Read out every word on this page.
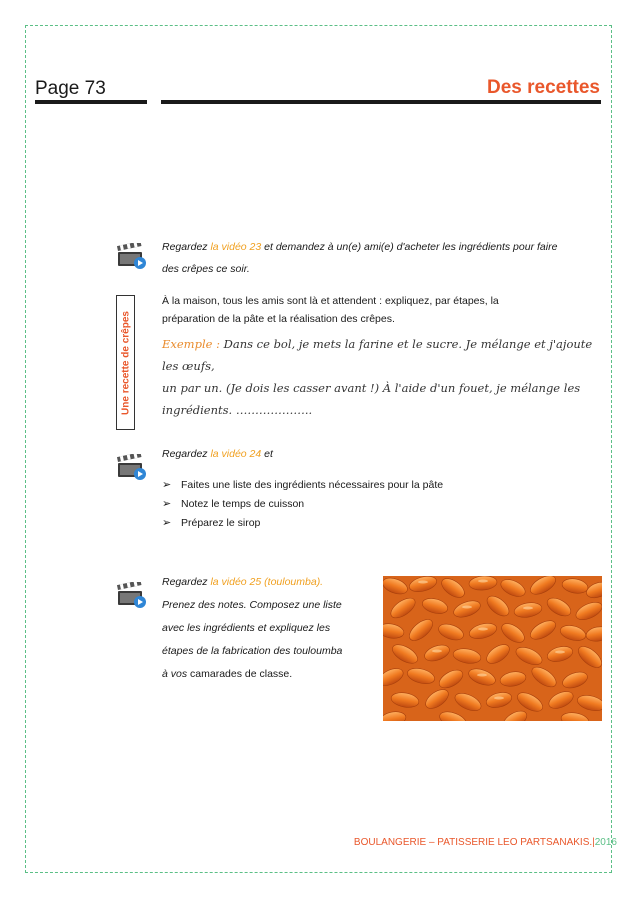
Page 73	Des recettes
Regardez la vidéo 23 et demandez à un(e) ami(e) d'acheter les ingrédients pour faire
des crêpes ce soir.
Une recette de crêpes
À la maison, tous les amis sont là et attendent : expliquez, par étapes, la
préparation de la pâte et la réalisation des crêpes.
Exemple : Dans ce bol, je mets la farine et le sucre. Je mélange et j'ajoute les œufs,
un par un. (Je dois les casser avant !) À l'aide d'un fouet, je mélange les
ingrédients. ………………..
Regardez la vidéo 24 et
➢ Faites une liste des ingrédients nécessaires pour la pâte
➢ Notez le temps de cuisson
➢ Préparez le sirop
Regardez la vidéo 25 (touloumba).
Prenez des notes. Composez une liste
avec les ingrédients et expliquez les
étapes de la fabrication des touloumba
à vos camarades de classe.
BOULANGERIE – PATISSERIE LEO PARTSANAKIS.|2016
